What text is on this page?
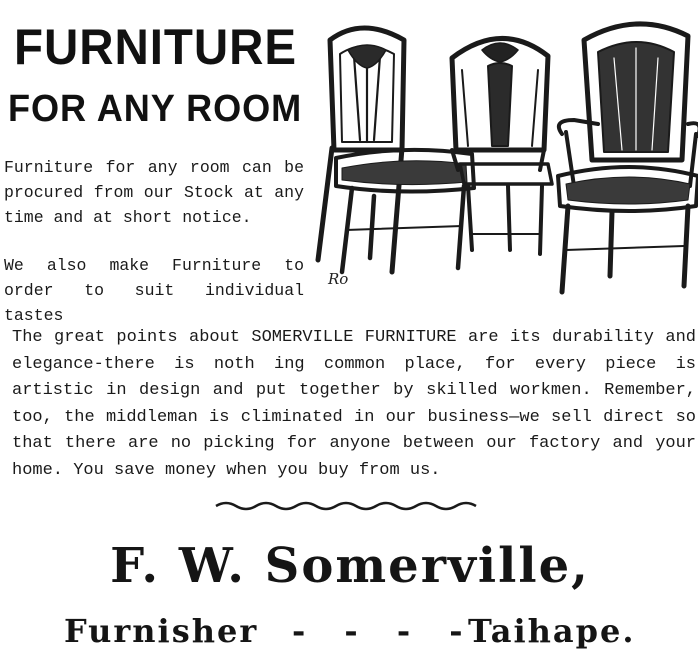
FURNITURE
FOR ANY ROOM

Furniture for any room can be procured from our Stock at any time and at short notice.

We also make Furniture to order to suit individual tastes

Ro

The great points about SOMERVILLE FURNITURE are its durability and elegance-there is noth ing common place, for every piece is artistic in design and put together by skilled workmen. Remember, too, the middleman is climinated in our business—we sell direct so that there are no picking for anyone between our factory and your home. You save money when you buy from us.

F. W. Somerville,

Furnisher - - - -
Taihape.
